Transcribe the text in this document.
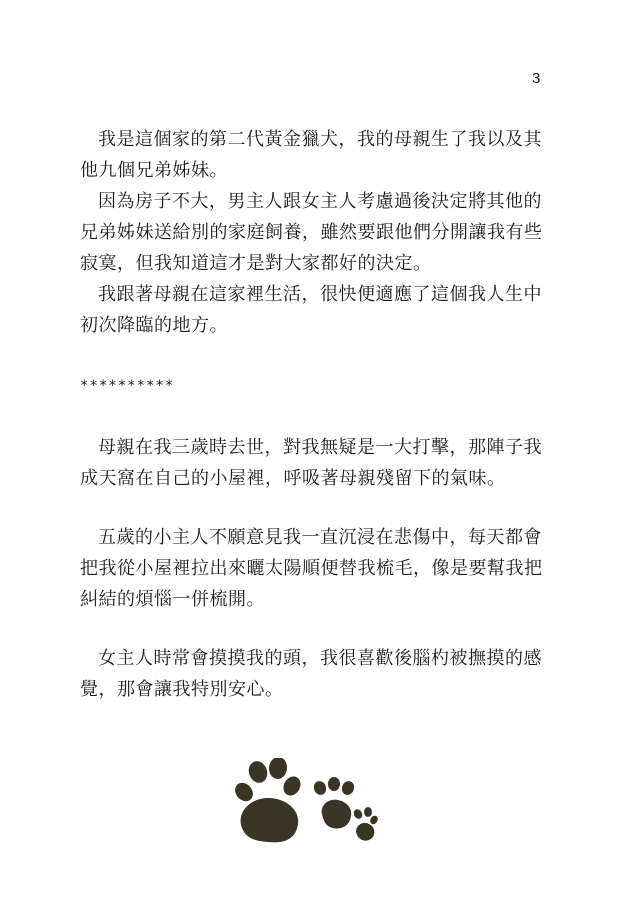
3

我是這個家的第二代黃金獵犬，我的母親生了我以及其他九個兄弟姊妹。

因為房子不大，男主人跟女主人考慮過後決定將其他的兄弟姊妹送給別的家庭飼養，雖然要跟他們分開讓我有些寂寞，但我知道這才是對大家都好的決定。

我跟著母親在這家裡生活，很快便適應了這個我人生中初次降臨的地方。

**********

母親在我三歲時去世，對我無疑是一大打擊，那陣子我成天窩在自己的小屋裡，呼吸著母親殘留下的氣味。

五歲的小主人不願意見我一直沉浸在悲傷中，每天都會把我從小屋裡拉出來曬太陽順便替我梳毛，像是要幫我把糾結的煩惱一併梳開。

女主人時常會摸摸我的頭，我很喜歡後腦杓被撫摸的感覺，那會讓我特別安心。
